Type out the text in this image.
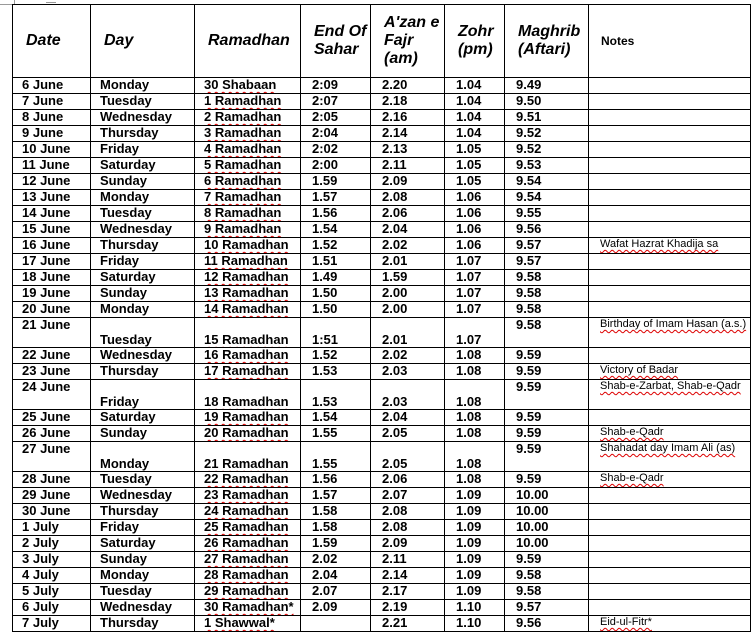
Date	Day	Ramadhan	End Of Sahar	A'zan e Fajr (am)	Zohr (pm)	Maghrib (Aftari)	Notes
6 June	Monday	30 Shabaan	2:09	2.20	1.04	9.49	
7 June	Tuesday	1 Ramadhan	2:07	2.18	1.04	9.50	
8 June	Wednesday	2 Ramadhan	2:05	2.16	1.04	9.51	
9 June	Thursday	3 Ramadhan	2:04	2.14	1.04	9.52	
10 June	Friday	4 Ramadhan	2:02	2.13	1.05	9.52	
11 June	Saturday	5 Ramadhan	2:00	2.11	1.05	9.53	
12 June	Sunday	6 Ramadhan	1.59	2.09	1.05	9.54	
13 June	Monday	7 Ramadhan	1.57	2.08	1.06	9.54	
14 June	Tuesday	8 Ramadhan	1.56	2.06	1.06	9.55	
15 June	Wednesday	9 Ramadhan	1.54	2.04	1.06	9.56	
16 June	Thursday	10 Ramadhan	1.52	2.02	1.06	9.57	Wafat Hazrat Khadija sa
17 June	Friday	11 Ramadhan	1.51	2.01	1.07	9.57	
18 June	Saturday	12 Ramadhan	1.49	1.59	1.07	9.58	
19 June	Sunday	13 Ramadhan	1.50	2.00	1.07	9.58	
20 June	Monday	14 Ramadhan	1.50	2.00	1.07	9.58	
21 June	Tuesday	15 Ramadhan	1:51	2.01	1.07	9.58	Birthday of Imam Hasan (a.s.)
22 June	Wednesday	16 Ramadhan	1.52	2.02	1.08	9.59	
23 June	Thursday	17 Ramadhan	1.53	2.03	1.08	9.59	Victory of Badar
24 June	Friday	18 Ramadhan	1.53	2.03	1.08	9.59	Shab-e-Zarbat, Shab-e-Qadr
25 June	Saturday	19 Ramadhan	1.54	2.04	1.08	9.59	
26 June	Sunday	20 Ramadhan	1.55	2.05	1.08	9.59	Shab-e-Qadr
27 June	Monday	21 Ramadhan	1.55	2.05	1.08	9.59	Shahadat day Imam Ali (as)
28 June	Tuesday	22 Ramadhan	1.56	2.06	1.08	9.59	Shab-e-Qadr
29 June	Wednesday	23 Ramadhan	1.57	2.07	1.09	10.00	
30 June	Thursday	24 Ramadhan	1.58	2.08	1.09	10.00	
1 July	Friday	25 Ramadhan	1.58	2.08	1.09	10.00	
2 July	Saturday	26 Ramadhan	1.59	2.09	1.09	10.00	
3 July	Sunday	27 Ramadhan	2.02	2.11	1.09	9.59	
4 July	Monday	28 Ramadhan	2.04	2.14	1.09	9.58	
5 July	Tuesday	29 Ramadhan	2.07	2.17	1.09	9.58	
6 July	Wednesday	30 Ramadhan*	2.09	2.19	1.10	9.57	
7 July	Thursday	1 Shawwal*		2.21	1.10	9.56	Eid-ul-Fitr*
